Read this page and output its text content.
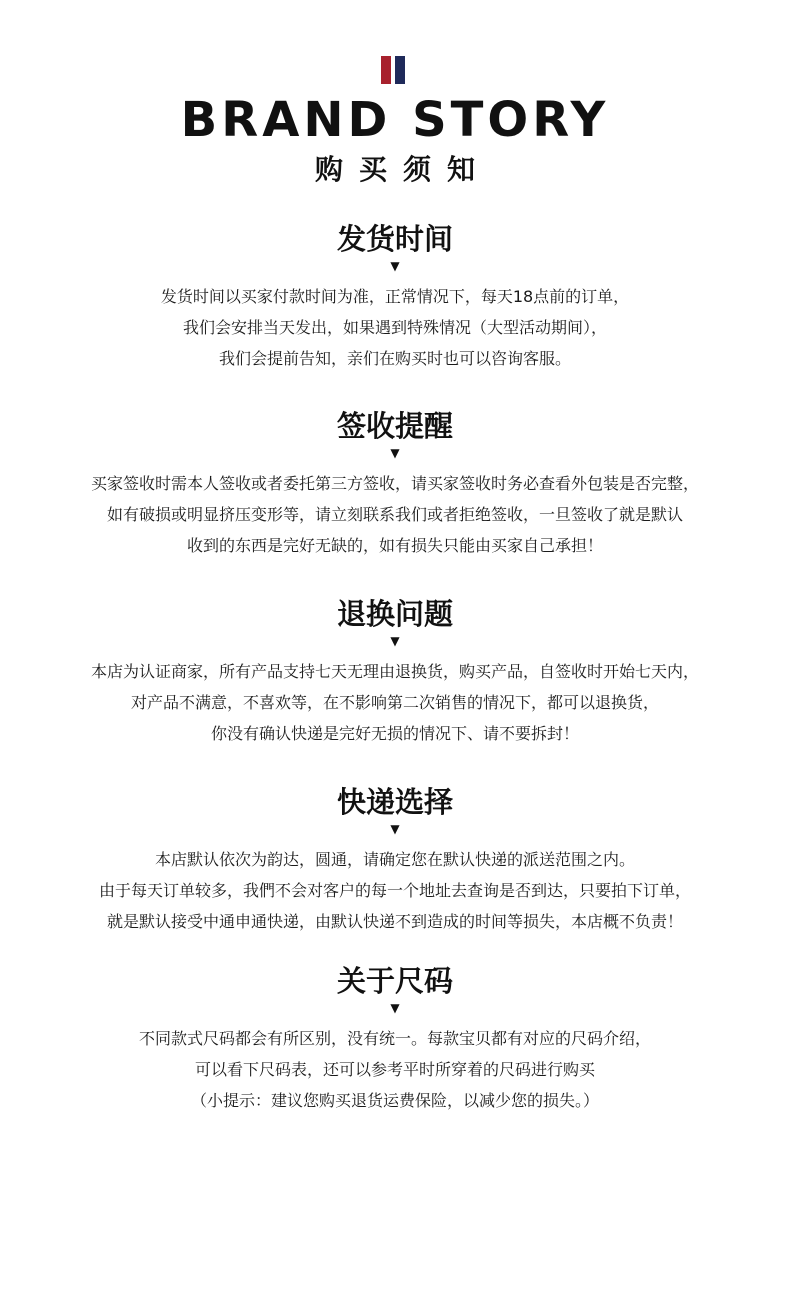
BRAND STORY
购买须知
发货时间
▼
发货时间以买家付款时间为准，正常情况下，每天18点前的订单，
我们会安排当天发出，如果遇到特殊情况（大型活动期间），
我们会提前告知，亲们在购买时也可以咨询客服。
签收提醒
▼
买家签收时需本人签收或者委托第三方签收，请买家签收时务必查看外包装是否完整，
如有破损或明显挤压变形等，请立刻联系我们或者拒绝签收，一旦签收了就是默认
收到的东西是完好无缺的，如有损失只能由买家自己承担！
退换问题
▼
本店为认证商家，所有产品支持七天无理由退换货，购买产品，自签收时开始七天内，
对产品不满意，不喜欢等，在不影响第二次销售的情况下，都可以退换货，
你没有确认快递是完好无损的情况下、请不要拆封！
快递选择
▼
本店默认依次为韵达，圆通，请确定您在默认快递的派送范围之内。
由于每天订单较多，我們不会对客户的每一个地址去查询是否到达，只要拍下订单，
就是默认接受中通申通快递，由默认快递不到造成的时间等损失，本店概不负责！
关于尺码
▼
不同款式尺码都会有所区别，没有统一。每款宝贝都有对应的尺码介绍，
可以看下尺码表，还可以参考平时所穿着的尺码进行购买
（小提示：建议您购买退货运费保险，以减少您的损失。）
